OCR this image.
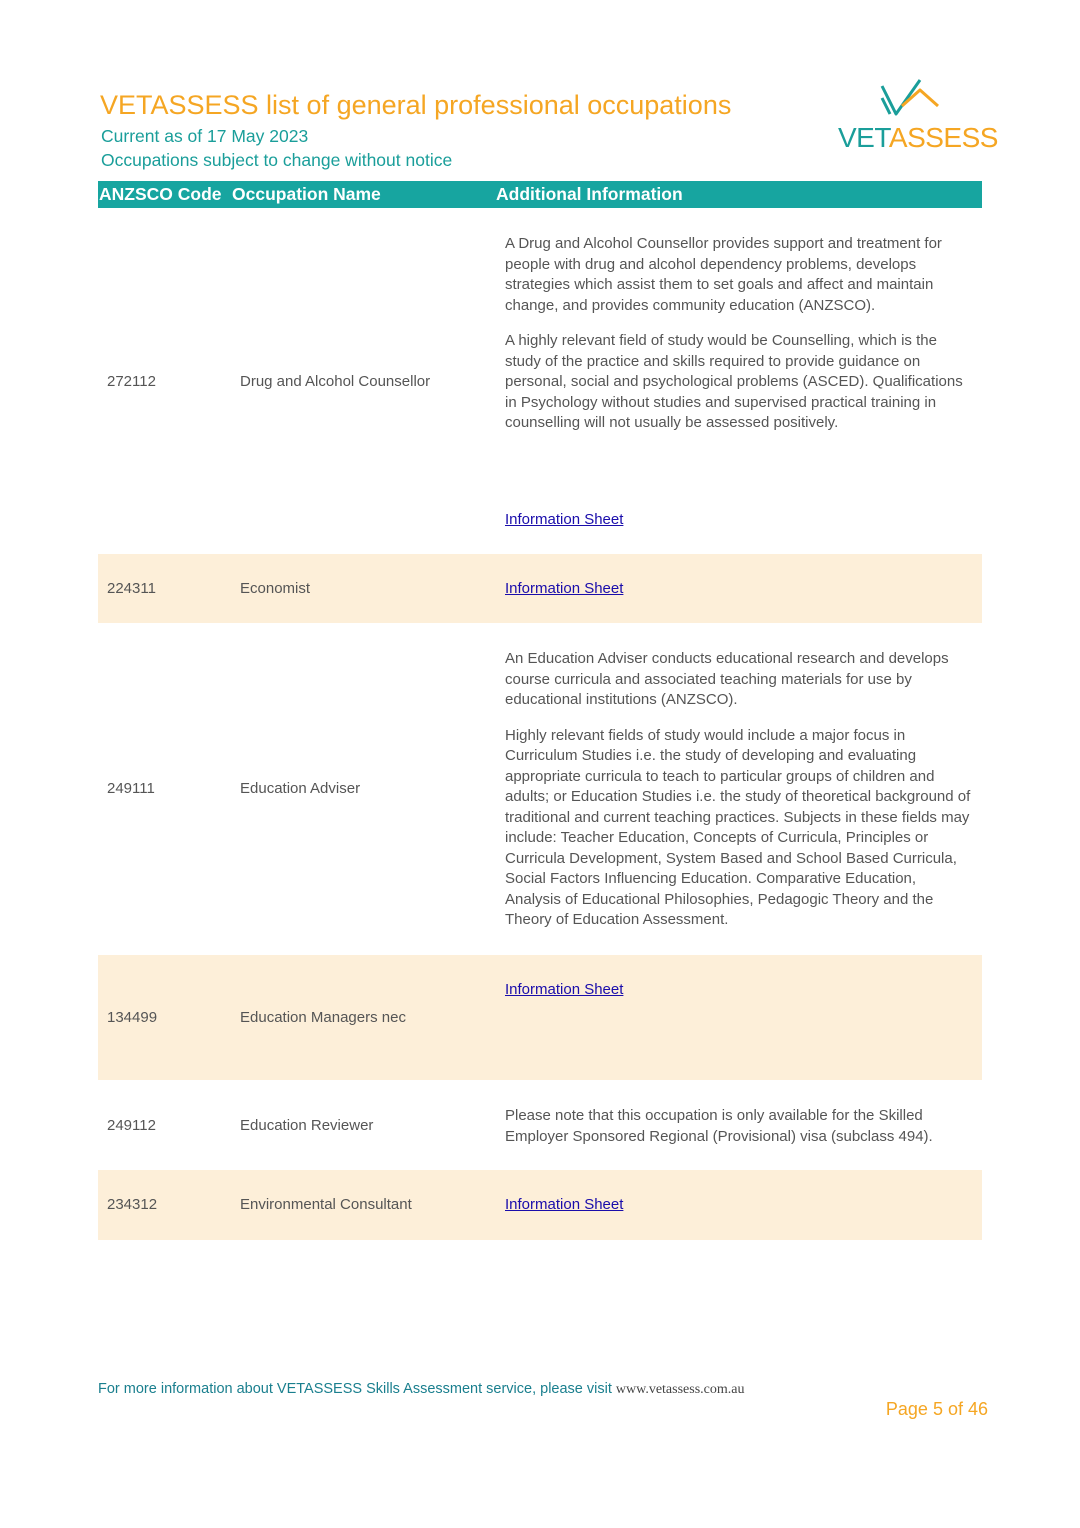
VETASSESS list of general professional occupations
Current as of 17 May 2023
Occupations subject to change without notice
VETASSESS
ANZSCO Code Occupation Name	Additional Information
272112	Drug and Alcohol Counsellor

A Drug and Alcohol Counsellor provides support and treatment for people with drug and alcohol dependency problems, develops strategies which assist them to set goals and affect and maintain change, and provides community education (ANZSCO).

A highly relevant field of study would be Counselling, which is the study of the practice and skills required to provide guidance on personal, social and psychological problems (ASCED). Qualifications in Psychology without studies and supervised practical training in counselling will not usually be assessed positively.

Information Sheet
224311	Economist	Information Sheet
249111	Education Adviser

An Education Adviser conducts educational research and develops course curricula and associated teaching materials for use by educational institutions (ANZSCO).

Highly relevant fields of study would include a major focus in Curriculum Studies i.e. the study of developing and evaluating appropriate curricula to teach to particular groups of children and adults; or Education Studies i.e. the study of theoretical background of traditional and current teaching practices. Subjects in these fields may include: Teacher Education, Concepts of Curricula, Principles or Curricula Development, System Based and School Based Curricula, Social Factors Influencing Education. Comparative Education, Analysis of Educational Philosophies, Pedagogic Theory and the Theory of Education Assessment.

134499	Education Managers nec
Information Sheet
249112	Education Reviewer

Please note that this occupation is only available for the Skilled Employer Sponsored Regional (Provisional) visa (subclass 494).

234312	Environmental Consultant	Information Sheet
For more information about VETASSESS Skills Assessment service, please visit www.vetassess.com.au
Page 5 of 46
